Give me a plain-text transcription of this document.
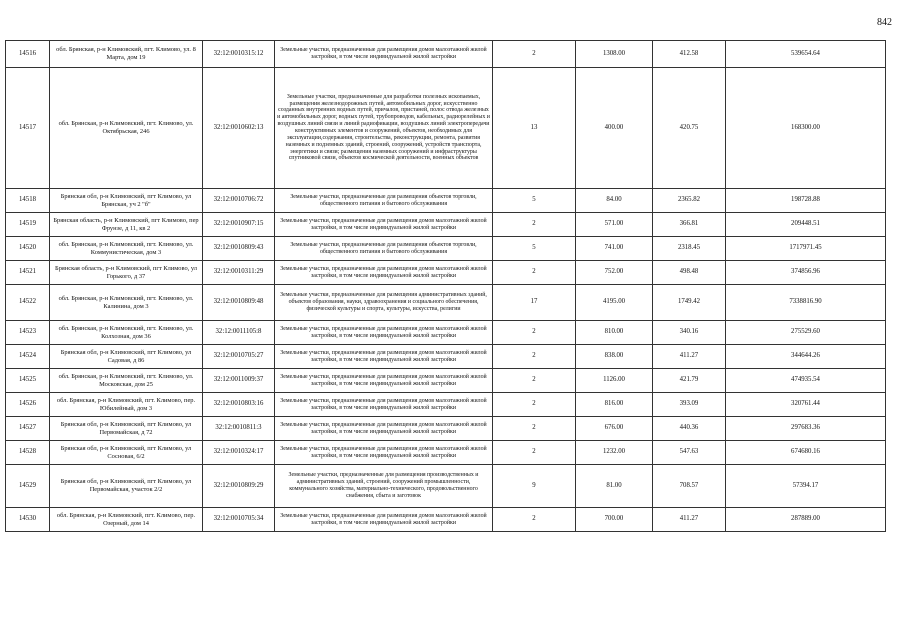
842
14516	обл. Брянская, р-н Климовский, пгт. Климово, ул. 8 Марта, дом 19	32:12:0010315:12	Земельные участки, предназначенные для размещения домов малоэтажной жилой застройки, в том числе индивидуальной жилой застройки	2	1308.00	412.58	539654.64
14517	обл. Брянская, р-н Климовский, пгт. Климово, ул. Октябрьская, 246	32:12:0010602:13	Земельные участки, предназначенные для разработки полезных ископаемых, размещения железнодорожных путей, автомобильных дорог, искусственно созданных внутренних водных путей, причалов, пристаней, полос отвода железных и автомобильных дорог, водных путей, трубопроводов, кабельных, радиорелейных и воздушных линий связи и линий радиофикации, воздушных линий электропередачи конструктивных элементов и сооружений, объектов, необходимых для эксплуатации,содержания, строительства, реконструкции, ремонта, развития наземных и подземных зданий, строений, сооружений, устройств транспорта, энергетики и связи; размещения наземных сооружений и инфраструктуры спутниковой связи, объектов космической деятельности, военных объектов	13	400.00	420.75	168300.00
14518	Брянская обл, р-н Климовский, пгт Климово, ул Брянская, уч 2 "б"	32:12:0010706:72	Земельные участки, предназначенные для размещения объектов торговли, общественного питания и бытового обслуживания	5	84.00	2365.82	198728.88
14519	Брянская область, р-н Климовский, пгт Климово, пер Фрунзе, д 11, кв 2	32:12:0010907:15	Земельные участки, предназначенные для размещения домов малоэтажной жилой застройки, в том числе индивидуальной жилой застройки	2	571.00	366.81	209448.51
14520	обл. Брянская, р-н Климовский, пгт. Климово, ул. Коммунистическая, дом 3	32:12:0010809:43	Земельные участки, предназначенные для размещения объектов торговли, общественного питания и бытового обслуживания	5	741.00	2318.45	1717971.45
14521	Брянская область, р-н Климовский, пгт Климово, ул Горького, д 37	32:12:0010311:29	Земельные участки, предназначенные для размещения домов малоэтажной жилой застройки, в том числе индивидуальной жилой застройки	2	752.00	498.48	374856.96
14522	обл. Брянская, р-н Климовский, пгт. Климово, ул. Калинина, дом 3	32:12:0010809:48	Земельные участки, предназначенные для размещения административных зданий, объектов образования, науки, здравоохранения и социального обеспечения, физической культуры и спорта, культуры, искусства, религии	17	4195.00	1749.42	7338816.90
14523	обл. Брянская, р-н Климовский, пгт. Климово, ул. Колхозная, дом 36	32:12:0011105:8	Земельные участки, предназначенные для размещения домов малоэтажной жилой застройки, в том числе индивидуальной жилой застройки	2	810.00	340.16	275529.60
14524	Брянская обл, р-н Климовский, пгт Климово, ул Садовая, д 86	32:12:0010705:27	Земельные участки, предназначенные для размещения домов малоэтажной жилой застройки, в том числе индивидуальной жилой застройки	2	838.00	411.27	344644.26
14525	обл. Брянская, р-н Климовский, пгт. Климово, ул. Московская, дом 25	32:12:0011009:37	Земельные участки, предназначенные для размещения домов малоэтажной жилой застройки, в том числе индивидуальной жилой застройки	2	1126.00	421.79	474935.54
14526	обл. Брянская, р-н Климовский, пгт. Климово, пер. Юбилейный, дом 3	32:12:0010803:16	Земельные участки, предназначенные для размещения домов малоэтажной жилой застройки, в том числе индивидуальной жилой застройки	2	816.00	393.09	320761.44
14527	Брянская обл, р-н Климовский, пгт Климово, ул Первомайская, д 72	32:12:0010811:3	Земельные участки, предназначенные для размещения домов малоэтажной жилой застройки, в том числе индивидуальной жилой застройки	2	676.00	440.36	297683.36
14528	Брянская обл, р-н Климовский, пгт Климово, ул Сосновая, 6/2	32:12:0010324:17	Земельные участки, предназначенные для размещения домов малоэтажной жилой застройки, в том числе индивидуальной жилой застройки	2	1232.00	547.63	674680.16
14529	Брянская обл, р-н Климовский, пгт Климово, ул Первомайская, участок 2/2	32:12:0010809:29	Земельные участки, предназначенные для размещения производственных и административных зданий, строений, сооружений промышленности, коммунального хозяйства, материально-технического, продовольственного снабжения, сбыта и заготовок	9	81.00	708.57	57394.17
14530	обл. Брянская, р-н Климовский, пгт. Климово, пер. Озерный, дом 14	32:12:0010705:34	Земельные участки, предназначенные для размещения домов малоэтажной жилой застройки, в том числе индивидуальной жилой застройки	2	700.00	411.27	287889.00
